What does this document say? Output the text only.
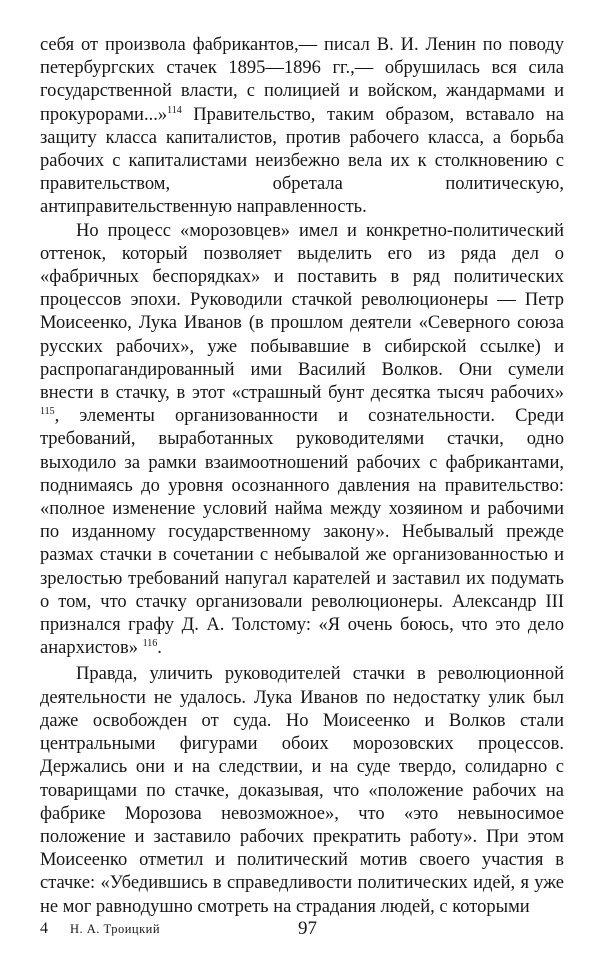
себя от произвола фабрикантов,— писал В. И. Ленин по поводу петербургских стачек 1895—1896 гг.,— обрушилась вся сила государственной власти, с полицией и войском, жандармами и прокурорами...»$^{114}$ Правительство, таким образом, вставало на защиту класса капиталистов, против рабочего класса, а борьба рабочих с капиталистами неизбежно вела их к столкновению с правительством, обретала политическую, антиправительственную направленность.

Но процесс «морозовцев» имел и конкретно-политический оттенок, который позволяет выделить его из ряда дел о «фабричных беспорядках» и поставить в ряд политических процессов эпохи. Руководили стачкой революционеры — Петр Моисеенко, Лука Иванов (в прошлом деятели «Северного союза русских рабочих», уже побывавшие в сибирской ссылке) и распропагандированный ими Василий Волков. Они сумели внести в стачку, в этот «страшный бунт десятка тысяч рабочих» $^{115}$, элементы организованности и сознательности. Среди требований, выработанных руководителями стачки, одно выходило за рамки взаимоотношений рабочих с фабрикантами, поднимаясь до уровня осознанного давления на правительство: «полное изменение условий найма между хозяином и рабочими по изданному государственному закону». Небывалый прежде размах стачки в сочетании с небывалой же организованностью и зрелостью требований напугал карателей и заставил их подумать о том, что стачку организовали революционеры. Александр III признался графу Д. А. Толстому: «Я очень боюсь, что это дело анархистов» $^{116}$.

Правда, уличить руководителей стачки в революционной деятельности не удалось. Лука Иванов по недостатку улик был даже освобожден от суда. Но Моисеенко и Волков стали центральными фигурами обоих морозовских процессов. Держались они и на следствии, и на суде твердо, солидарно с товарищами по стачке, доказывая, что «положение рабочих на фабрике Морозова невозможное», что «это невыносимое положение и заставило рабочих прекратить работу». При этом Моисеенко отметил и политический мотив своего участия в стачке: «Убедившись в справедливости политических идей, я уже не мог равнодушно смотреть на страдания людей, с которыми

4 Н. А. Троицкий	97
